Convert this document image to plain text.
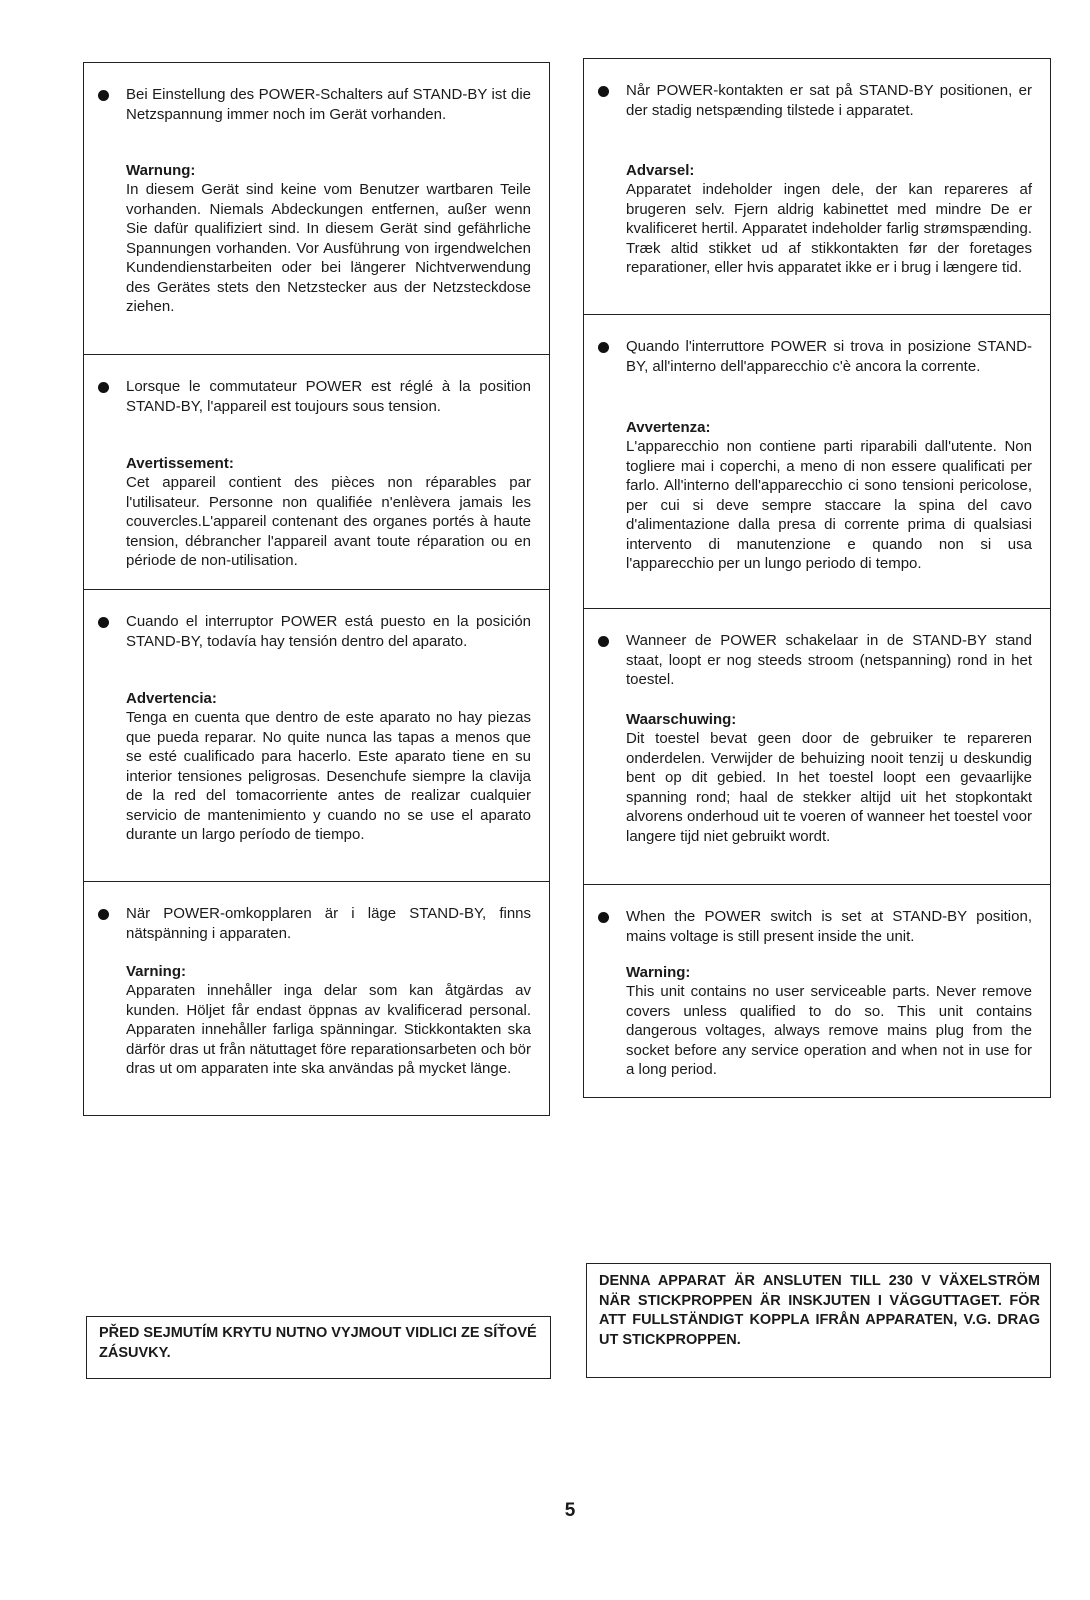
Bei Einstellung des POWER-Schalters auf STAND-BY ist die Netzspannung immer noch im Gerät vorhanden.

Warnung:

In diesem Gerät sind keine vom Benutzer wartbaren Teile vorhanden. Niemals Abdeckungen entfernen, außer wenn Sie dafür qualifiziert sind. In diesem Gerät sind gefährliche Spannungen vorhanden. Vor Ausführung von irgendwelchen Kundendienstarbeiten oder bei längerer Nichtverwendung des Gerätes stets den Netzstecker aus der Netzsteckdose ziehen.

Lorsque le commutateur POWER est réglé à la position STAND-BY, l'appareil est toujours sous tension.

Avertissement:

Cet appareil contient des pièces non réparables par l'utilisateur. Personne non qualifiée n'enlèvera jamais les couvercles.L'appareil contenant des organes portés à haute tension, débrancher l'appareil avant toute réparation ou en période de non-utilisation.

Cuando el interruptor POWER está puesto en la posición STAND-BY, todavía hay tensión dentro del aparato.

Advertencia:

Tenga en cuenta que dentro de este aparato no hay piezas que pueda reparar. No quite nunca las tapas a menos que se esté cualificado para hacerlo. Este aparato tiene en su interior tensiones peligrosas. Desenchufe siempre la clavija de la red del tomacorriente antes de realizar cualquier servicio de mantenimiento y cuando no se use el aparato durante un largo período de tiempo.

När POWER-omkopplaren är i läge STAND-BY, finns nätspänning i apparaten.

Varning:

Apparaten innehåller inga delar som kan åtgärdas av kunden. Höljet får endast öppnas av kvalificerad personal. Apparaten innehåller farliga spänningar. Stickkontakten ska därför dras ut från nätuttaget före reparationsarbeten och bör dras ut om apparaten inte ska användas på mycket länge.

Når POWER-kontakten er sat på STAND-BY positionen, er der stadig netspænding tilstede i apparatet.

Advarsel:

Apparatet indeholder ingen dele, der kan repareres af brugeren selv. Fjern aldrig kabinettet med mindre De er kvalificeret hertil. Apparatet indeholder farlig strømspænding. Træk altid stikket ud af stikkontakten før der foretages reparationer, eller hvis apparatet ikke er i brug i længere tid.

Quando l'interruttore POWER si trova in posizione STAND-BY, all'interno dell'apparecchio c'è ancora la corrente.

Avvertenza:

L'apparecchio non contiene parti riparabili dall'utente. Non togliere mai i coperchi, a meno di non essere qualificati per farlo. All'interno dell'apparecchio ci sono tensioni pericolose, per cui si deve sempre staccare la spina del cavo d'alimentazione dalla presa di corrente prima di qualsiasi intervento di manutenzione e quando non si usa l'apparecchio per un lungo periodo di tempo.

Wanneer de POWER schakelaar in de STAND-BY stand staat, loopt er nog steeds stroom (netspanning) rond in het toestel.

Waarschuwing:

Dit toestel bevat geen door de gebruiker te repareren onderdelen. Verwijder de behuizing nooit tenzij u deskundig bent op dit gebied. In het toestel loopt een gevaarlijke spanning rond; haal de stekker altijd uit het stopkontakt alvorens onderhoud uit te voeren of wanneer het toestel voor langere tijd niet gebruikt wordt.

When the POWER switch is set at STAND-BY position, mains voltage is still present inside the unit.

Warning:

This unit contains no user serviceable parts. Never remove covers unless qualified to do so. This unit contains dangerous voltages, always remove mains plug from the socket before any service operation and when not in use for a long period.

PŘED SEJMUTÍM KRYTU NUTNO VYJMOUT VIDLICI ZE SÍŤOVÉ ZÁSUVKY.
DENNA APPARAT ÄR ANSLUTEN TILL 230 V VÄXELSTRÖM NÄR STICKPROPPEN ÄR INSKJUTEN I VÄGGUTTAGET. FÖR ATT FULLSTÄNDIGT KOPPLA IFRÅN APPARATEN, V.G. DRAG UT STICKPROPPEN.
5
